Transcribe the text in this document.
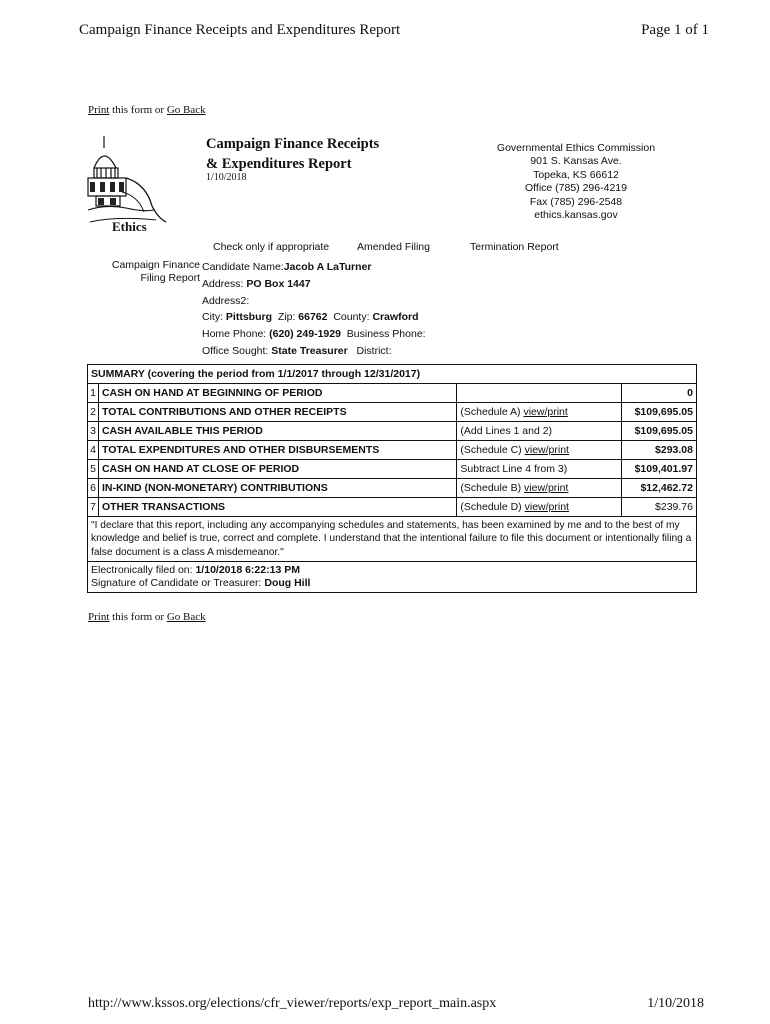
Campaign Finance Receipts and Expenditures Report	Page 1 of 1
Print this form or Go Back
Ethics
Campaign Finance Receipts
& Expenditures Report
1/10/2018
Governmental Ethics Commission
901 S. Kansas Ave.
Topeka, KS 66612
Office (785) 296-4219
Fax (785) 296-2548
ethics.kansas.gov
Check only if appropriate	Amended Filing	Termination Report
Campaign Finance
Filing Report
Candidate Name:Jacob A LaTurner
Address: PO Box 1447
Address2:
City: Pittsburg Zip: 66762 County: Crawford
Home Phone: (620) 249-1929 Business Phone:
Office Sought: State Treasurer District:
SUMMARY (covering the period from 1/1/2017 through 12/31/2017)			
1	CASH ON HAND AT BEGINNING OF PERIOD		0
2	TOTAL CONTRIBUTIONS AND OTHER RECEIPTS	(Schedule A) view/print	$109,695.05
3	CASH AVAILABLE THIS PERIOD	(Add Lines 1 and 2)	$109,695.05
4	TOTAL EXPENDITURES AND OTHER DISBURSEMENTS	(Schedule C) view/print	$293.08
5	CASH ON HAND AT CLOSE OF PERIOD	Subtract Line 4 from 3)	$109,401.97
6	IN-KIND (NON-MONETARY) CONTRIBUTIONS	(Schedule B) view/print	$12,462.72
7	OTHER TRANSACTIONS	(Schedule D) view/print	$239.76
"I declare that this report, including any accompanying schedules and statements, has been examined by me and to the best of my knowledge and belief is true, correct and complete. I understand that the intentional failure to file this document or intentionally filing a false document is a class A misdemeanor."			

Electronically filed on: 1/10/2018 6:22:13 PM
Signature of Candidate or Treasurer: Doug Hill			
Print this form or Go Back
http://www.kssos.org/elections/cfr_viewer/reports/exp_report_main.aspx	1/10/2018
